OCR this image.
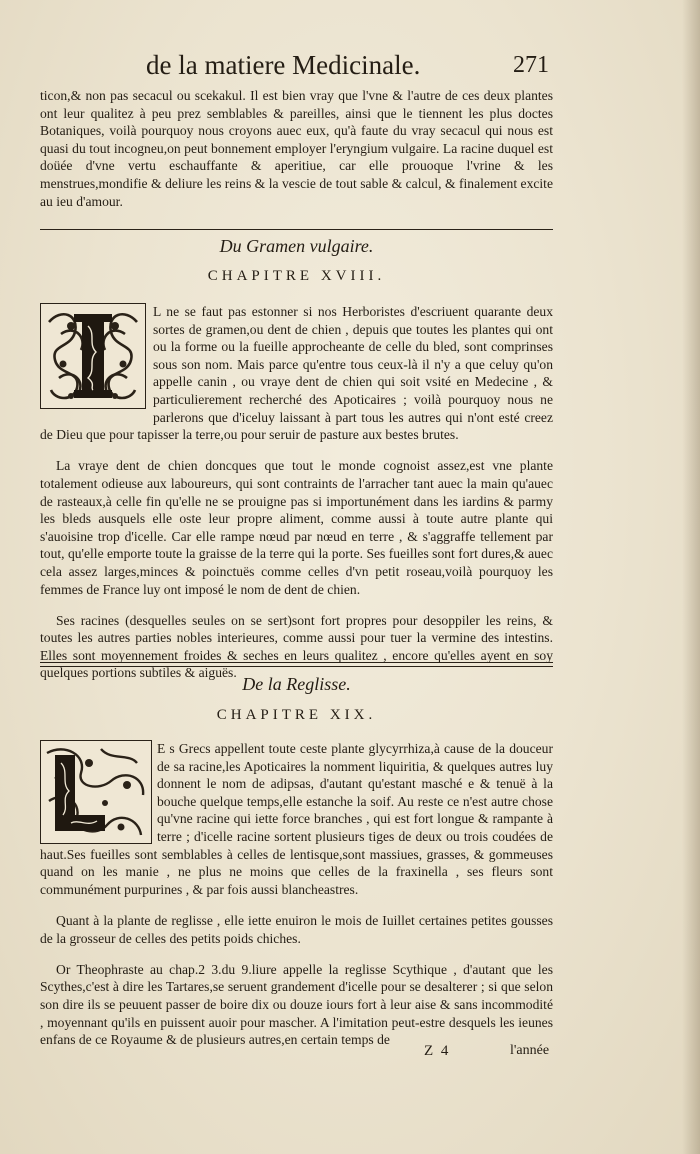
de la matiere Medicinale.	271
ticon,& non pas secacul ou scekakul. Il est bien vray que l'vne & l'autre de ces deux plantes ont leur qualitez à peu prez semblables & pareilles, ainsi que le tiennent les plus doctes Botaniques, voilà pourquoy nous croyons auec eux, qu'à faute du vray secacul qui nous est quasi du tout incogneu,on peut bonnement employer l'eryngium vulgaire. La racine duquel est doüée d'vne vertu eschauffante & aperitiue, car elle prouoque l'vrine & les menstrues,mondifie & deliure les reins & la vescie de tout sable & calcul, & finalement excite au ieu d'amour.
Du Gramen vulgaire.
CHAPITRE XVIII.
L ne se faut pas estonner si nos Herboristes d'escriuent quarante deux sortes de gramen,ou dent de chien , depuis que toutes les plantes qui ont ou la forme ou la fueille approcheante de celle du bled, sont comprinses sous son nom. Mais parce qu'entre tous ceux-là il n'y a que celuy qu'on appelle canin , ou vraye dent de chien qui soit vsité en Medecine , & particulierement recherché des Apoticaires ; voilà pourquoy nous ne parlerons que d'iceluy laissant à part tous les autres qui n'ont esté creez de Dieu que pour tapisser la terre,ou pour seruir de pasture aux bestes brutes.

La vraye dent de chien doncques que tout le monde cognoist assez,est vne plante totalement odieuse aux laboureurs, qui sont contraints de l'arracher tant auec la main qu'auec de rasteaux,à celle fin qu'elle ne se prouigne pas si importunément dans les iardins & parmy les bleds ausquels elle oste leur propre aliment, comme aussi à toute autre plante qui s'auoisine trop d'icelle. Car elle rampe nœud par nœud en terre , & s'aggraffe tellement par tout, qu'elle emporte toute la graisse de la terre qui la porte. Ses fueilles sont fort dures,& auec cela assez larges,minces & poinctuës comme celles d'vn petit roseau,voilà pourquoy les femmes de France luy ont imposé le nom de dent de chien.

Ses racines (desquelles seules on se sert)sont fort propres pour desoppiler les reins, & toutes les autres parties nobles interieures, comme aussi pour tuer la vermine des intestins. Elles sont moyennement froides & seches en leurs qualitez , encore qu'elles ayent en soy quelques portions subtiles & aiguës.

De la Reglisse.
CHAPITRE XIX.
E s Grecs appellent toute ceste plante glycyrrhiza,à cause de la douceur de sa racine,les Apoticaires la nomment liquiritia, & quelques autres luy donnent le nom de adipsas, d'autant qu'estant masché e & tenuë à la bouche quelque temps,elle estanche la soif. Au reste ce n'est autre chose qu'vne racine qui iette force branches , qui est fort longue & rampante à terre ; d'icelle racine sortent plusieurs tiges de deux ou trois coudées de haut.Ses fueilles sont semblables à celles de lentisque,sont massiues, grasses, & gommeuses quand on les manie , ne plus ne moins que celles de la fraxinella , ses fleurs sont communément purpurines , & par fois aussi blancheastres.

Quant à la plante de reglisse , elle iette enuiron le mois de Iuillet certaines petites gousses de la grosseur de celles des petits poids chiches.

Or Theophraste au chap.2 3.du 9.liure appelle la reglisse Scythique , d'autant que les Scythes,c'est à dire les Tartares,se seruent grandement d'icelle pour se desalterer ; si que selon son dire ils se peuuent passer de boire dix ou douze iours fort à leur aise & sans incommodité , moyennant qu'ils en puissent auoir pour mascher. A l'imitation peut-estre desquels les ieunes enfans de ce Royaume & de plusieurs autres,en certain temps de

Z 4	l'année
